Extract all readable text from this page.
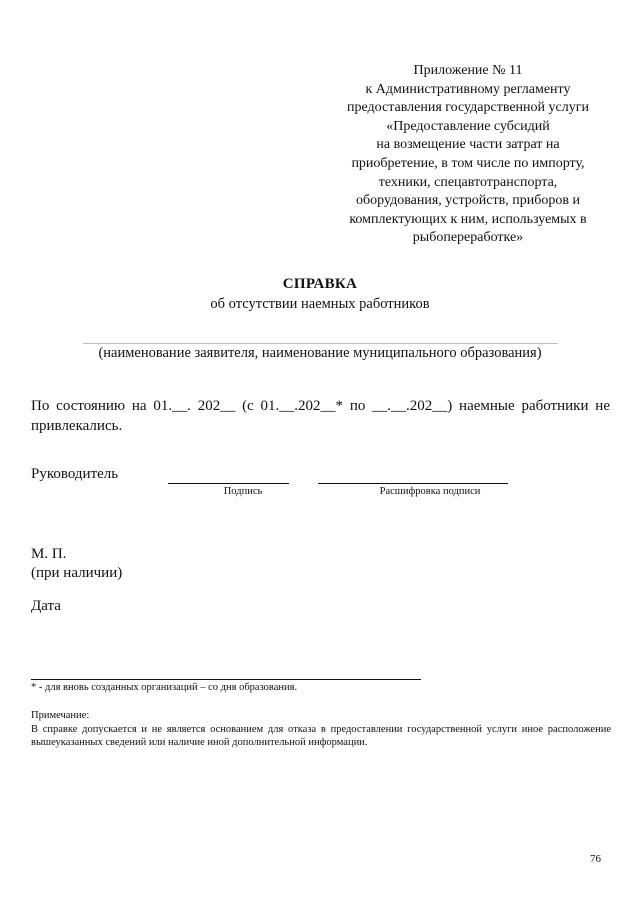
Приложение № 11
к Административному регламенту
предоставления государственной услуги
«Предоставление субсидий
на возмещение части затрат на
приобретение, в том числе по импорту,
техники, спецавтотранспорта,
оборудования, устройств, приборов и
комплектующих к ним, используемых в
рыбопереработке»
СПРАВКА
об отсутствии наемных работников
(наименование заявителя, наименование муниципального образования)
По состоянию на 01.__. 202__ (с 01.__.202__* по __.__.202__) наемные работники не привлекались.
Руководитель
Подпись	Расшифровка подписи
М. П.
(при наличии)
Дата
* - для вновь созданных организаций – со дня образования.
Примечание:
В справке допускается и не является основанием для отказа в предоставлении государственной услуги иное расположение вышеуказанных сведений или наличие иной дополнительной информации.
76
